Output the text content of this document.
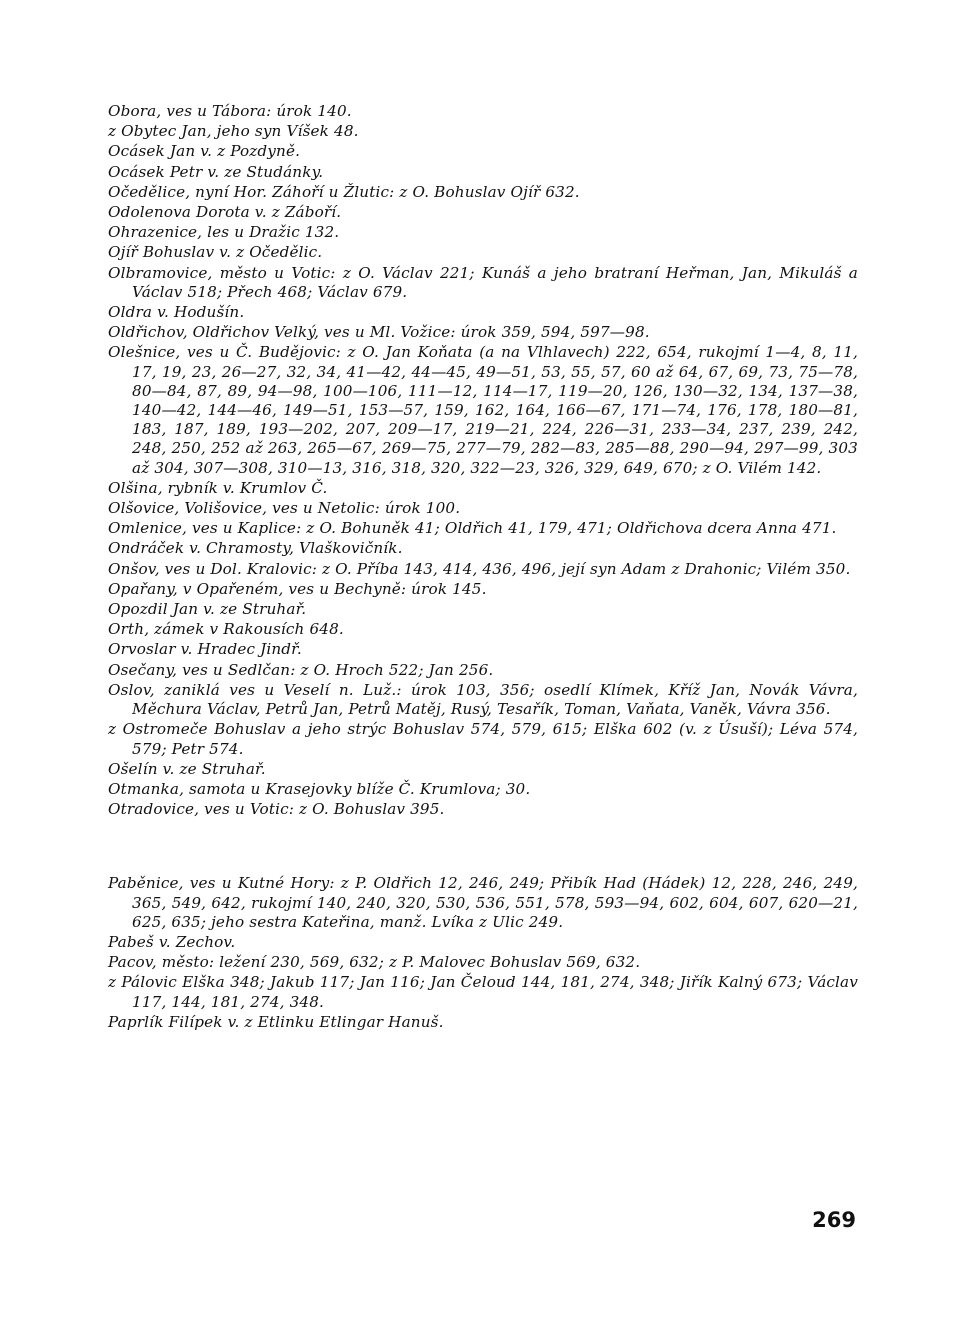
Obora, ves u Tábora: úrok 140.

z Obytec Jan, jeho syn Víšek 48.

Ocásek Jan v. z Pozdyně.

Ocásek Petr v. ze Studánky.

Očedělice, nyní Hor. Záhoří u Žlutic: z O. Bohuslav Ojíř 632.

Odolenova Dorota v. z Záboří.

Ohrazenice, les u Dražic 132.

Ojíř Bohuslav v. z Očedělic.

Olbramovice, město u Votic: z O. Václav 221; Kunáš a jeho bratraní Heřman, Jan, Mikuláš a Václav 518; Přech 468; Václav 679.

Oldra v. Hodušín.

Oldřichov, Oldřichov Velký, ves u Ml. Vožice: úrok 359, 594, 597—98.

Olešnice, ves u Č. Budějovic: z O. Jan Koňata (a na Vlhlavech) 222, 654, rukojmí 1—4, 8, 11, 17, 19, 23, 26—27, 32, 34, 41—42, 44—45, 49—51, 53, 55, 57, 60 až 64, 67, 69, 73, 75—78, 80—84, 87, 89, 94—98, 100—106, 111—12, 114—17, 119—20, 126, 130—32, 134, 137—38, 140—42, 144—46, 149—51, 153—57, 159, 162, 164, 166—67, 171—74, 176, 178, 180—81, 183, 187, 189, 193—202, 207, 209—17, 219—21, 224, 226—31, 233—34, 237, 239, 242, 248, 250, 252 až 263, 265—67, 269—75, 277—79, 282—83, 285—88, 290—94, 297—99, 303 až 304, 307—308, 310—13, 316, 318, 320, 322—23, 326, 329, 649, 670; z O. Vilém 142.

Olšina, rybník v. Krumlov Č.

Olšovice, Volišovice, ves u Netolic: úrok 100.

Omlenice, ves u Kaplice: z O. Bohuněk 41; Oldřich 41, 179, 471; Oldřichova dcera Anna 471.

Ondráček v. Chramosty, Vlaškovičník.

Onšov, ves u Dol. Kralovic: z O. Příba 143, 414, 436, 496, její syn Adam z Drahonic; Vilém 350.

Opařany, v Opařeném, ves u Bechyně: úrok 145.

Opozdil Jan v. ze Struhař.

Orth, zámek v Rakousích 648.

Orvoslar v. Hradec Jindř.

Osečany, ves u Sedlčan: z O. Hroch 522; Jan 256.

Oslov, zaniklá ves u Veselí n. Luž.: úrok 103, 356; osedlí Klímek, Kříž Jan, Novák Vávra, Měchura Václav, Petrů Jan, Petrů Matěj, Rusý, Tesařík, Toman, Vaňata, Vaněk, Vávra 356.

z Ostromeče Bohuslav a jeho strýc Bohuslav 574, 579, 615; Elška 602 (v. z Úsuší); Léva 574, 579; Petr 574.

Ošelín v. ze Struhař.

Otmanka, samota u Krasejovky blíže Č. Krumlova; 30.

Otradovice, ves u Votic: z O. Bohuslav 395.

Paběnice, ves u Kutné Hory: z P. Oldřich 12, 246, 249; Přibík Had (Hádek) 12, 228, 246, 249, 365, 549, 642, rukojmí 140, 240, 320, 530, 536, 551, 578, 593—94, 602, 604, 607, 620—21, 625, 635; jeho sestra Kateřina, manž. Lvíka z Ulic 249.

Pabeš v. Zechov.

Pacov, město: ležení 230, 569, 632; z P. Malovec Bohuslav 569, 632.

z Pálovic Elška 348; Jakub 117; Jan 116; Jan Čeloud 144, 181, 274, 348; Jiřík Kalný 673; Václav 117, 144, 181, 274, 348.

Paprlík Filípek v. z Etlinku Etlingar Hanuš.

269
